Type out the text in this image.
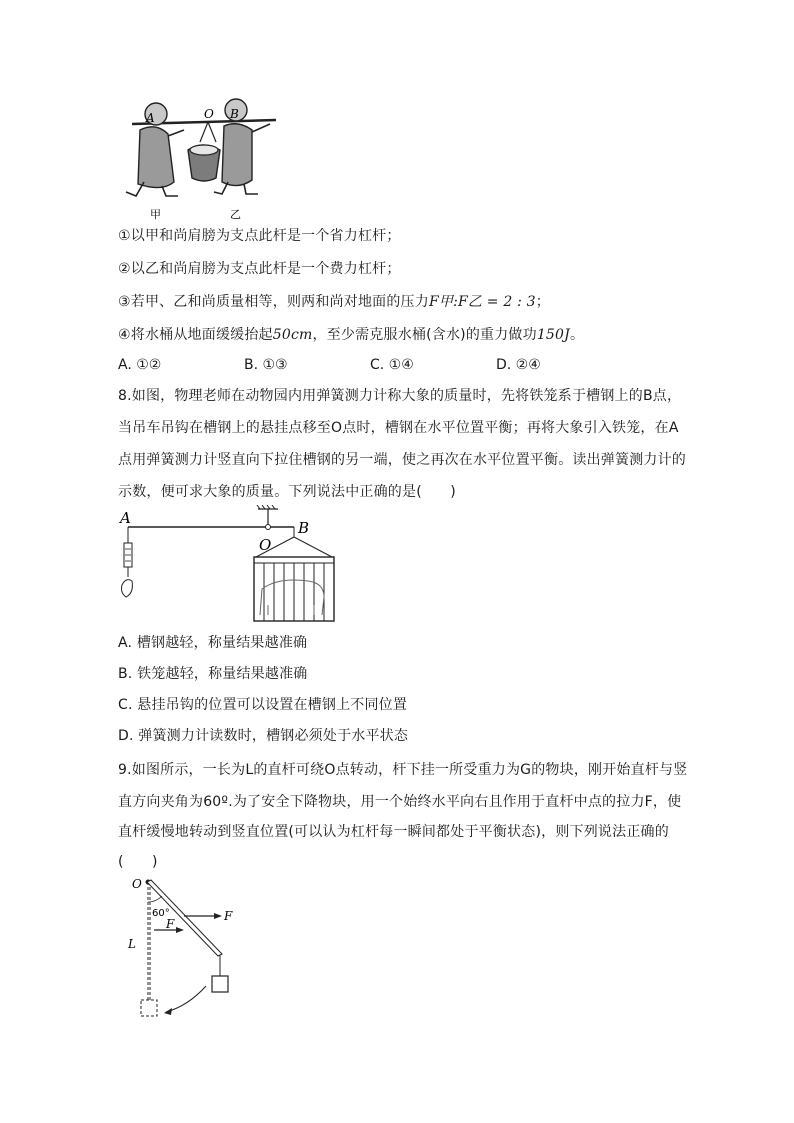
A	O B
甲	乙
①以甲和尚肩膀为支点此杆是一个省力杠杆；
②以乙和尚肩膀为支点此杆是一个费力杠杆；
③若甲、乙和尚质量相等，则两和尚对地面的压力F甲:F乙 = 2 : 3；
④将水桶从地面缓缓抬起50cm，至少需克服水桶(含水)的重力做功150J。
A. ①②	B. ①③	C. ①④	D. ②④
8.如图，物理老师在动物园内用弹簧测力计称大象的质量时，先将铁笼系于槽钢上的B点，
当吊车吊钩在槽钢上的悬挂点移至O点时，槽钢在水平位置平衡；再将大象引入铁笼，在A
点用弹簧测力计竖直向下拉住槽钢的另一端，使之再次在水平位置平衡。读出弹簧测力计的
示数，便可求大象的质量。下列说法中正确的是(　　)
A
O
B
A. 槽钢越轻，称量结果越准确
B. 铁笼越轻，称量结果越准确
C. 悬挂吊钩的位置可以设置在槽钢上不同位置
D. 弹簧测力计读数时，槽钢必须处于水平状态
9.如图所示，一长为L的直杆可绕O点转动，杆下挂一所受重力为G的物块，刚开始直杆与竖
直方向夹角为60º.为了安全下降物块，用一个始终水平向右且作用于直杆中点的拉力F，使
直杆缓慢地转动到竖直位置(可以认为杠杆每一瞬间都处于平衡状态)，则下列说法正确的
(　　)
O
60°	F
F
L
